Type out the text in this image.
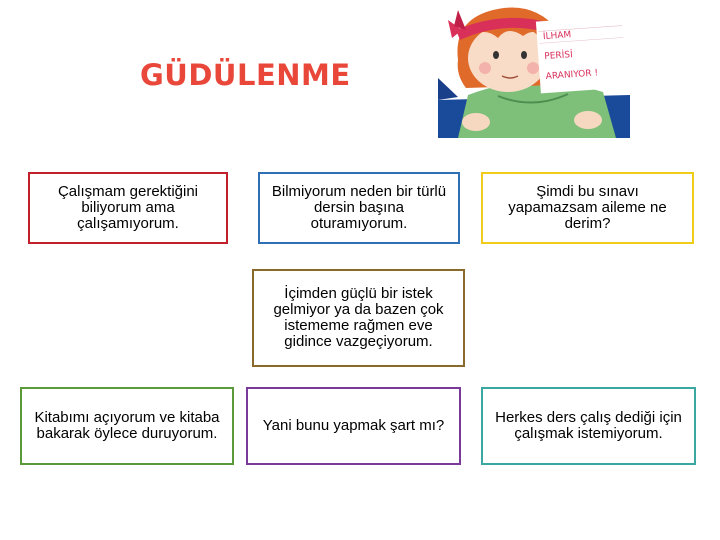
GÜDÜLENME
İLHAM
PERİSİ
ARANIYOR !
Çalışmam gerektiğini biliyorum ama çalışamıyorum.
Bilmiyorum neden bir türlü dersin başına oturamıyorum.
Şimdi bu sınavı yapamazsam aileme ne derim?
İçimden güçlü bir istek gelmiyor ya da bazen çok istememe rağmen eve gidince vazgeçiyorum.
Kitabımı açıyorum ve kitaba bakarak öylece duruyorum.	Yani bunu yapmak şart mı?	Herkes ders çalış dediği için çalışmak istemiyorum.
